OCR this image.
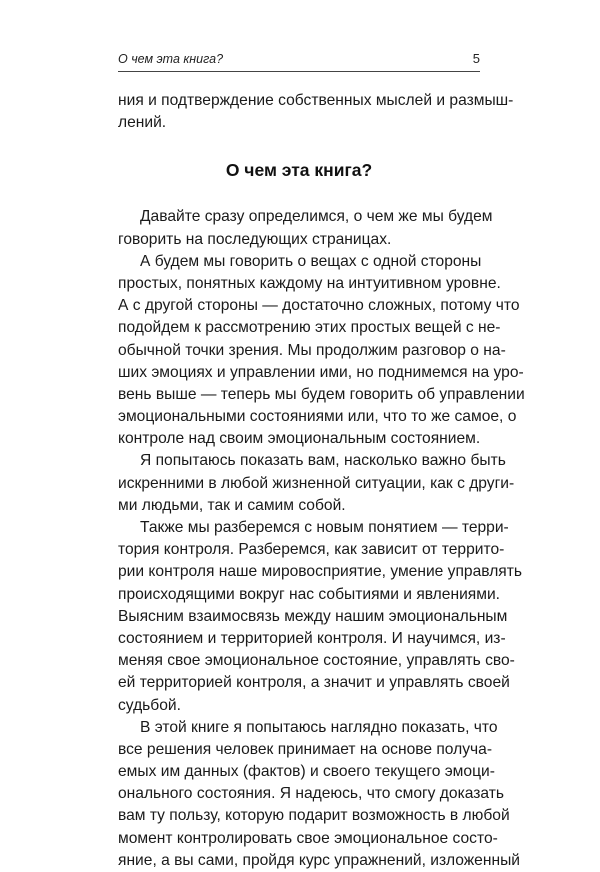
О чем эта книга?	5
ния и подтверждение собственных мыслей и размыш-
лений.
О чем эта книга?
Давайте сразу определимся, о чем же мы будем
говорить на последующих страницах.
А будем мы говорить о вещах с одной стороны
простых, понятных каждому на интуитивном уровне.
А с другой стороны — достаточно сложных, потому что
подойдем к рассмотрению этих простых вещей с не-
обычной точки зрения. Мы продолжим разговор о на-
ших эмоциях и управлении ими, но поднимемся на уро-
вень выше — теперь мы будем говорить об управлении
эмоциональными состояниями или, что то же самое, о
контроле над своим эмоциональным состоянием.
Я попытаюсь показать вам, насколько важно быть
искренними в любой жизненной ситуации, как с други-
ми людьми, так и самим собой.
Также мы разберемся с новым понятием — терри-
тория контроля. Разберемся, как зависит от террито-
рии контроля наше мировосприятие, умение управлять
происходящими вокруг нас событиями и явлениями.
Выясним взаимосвязь между нашим эмоциональным
состоянием и территорией контроля. И научимся, из-
меняя свое эмоциональное состояние, управлять сво-
ей территорией контроля, а значит и управлять своей
судьбой.
В этой книге я попытаюсь наглядно показать, что
все решения человек принимает на основе получа-
емых им данных (фактов) и своего текущего эмоци-
онального состояния. Я надеюсь, что смогу доказать
вам ту пользу, которую подарит возможность в любой
момент контролировать свое эмоциональное состо-
яние, а вы сами, пройдя курс упражнений, изложенный
